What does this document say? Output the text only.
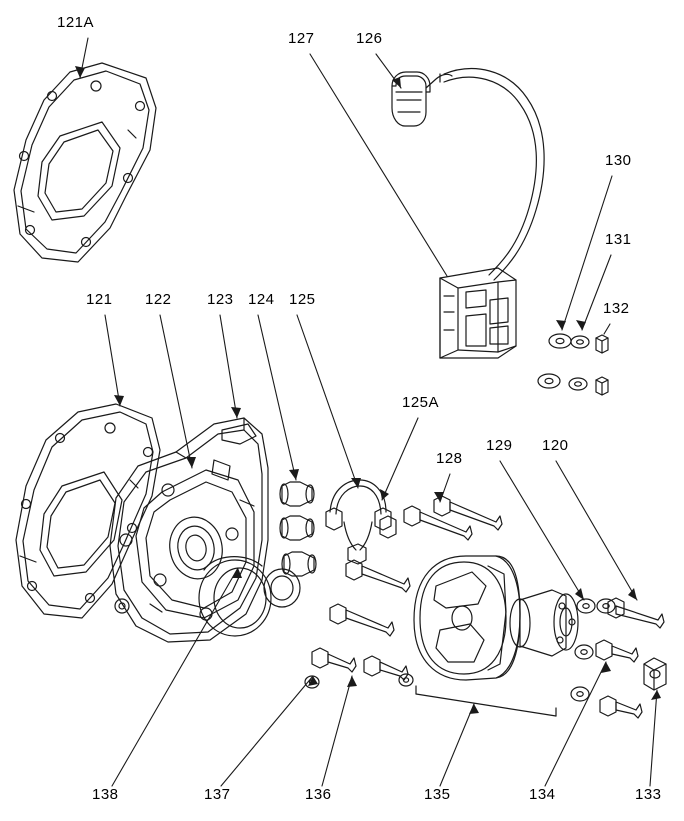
121A
127	126
130
131
132
121 122 123 124 125
125A
128
129 120
138	137	136	135	134	133
